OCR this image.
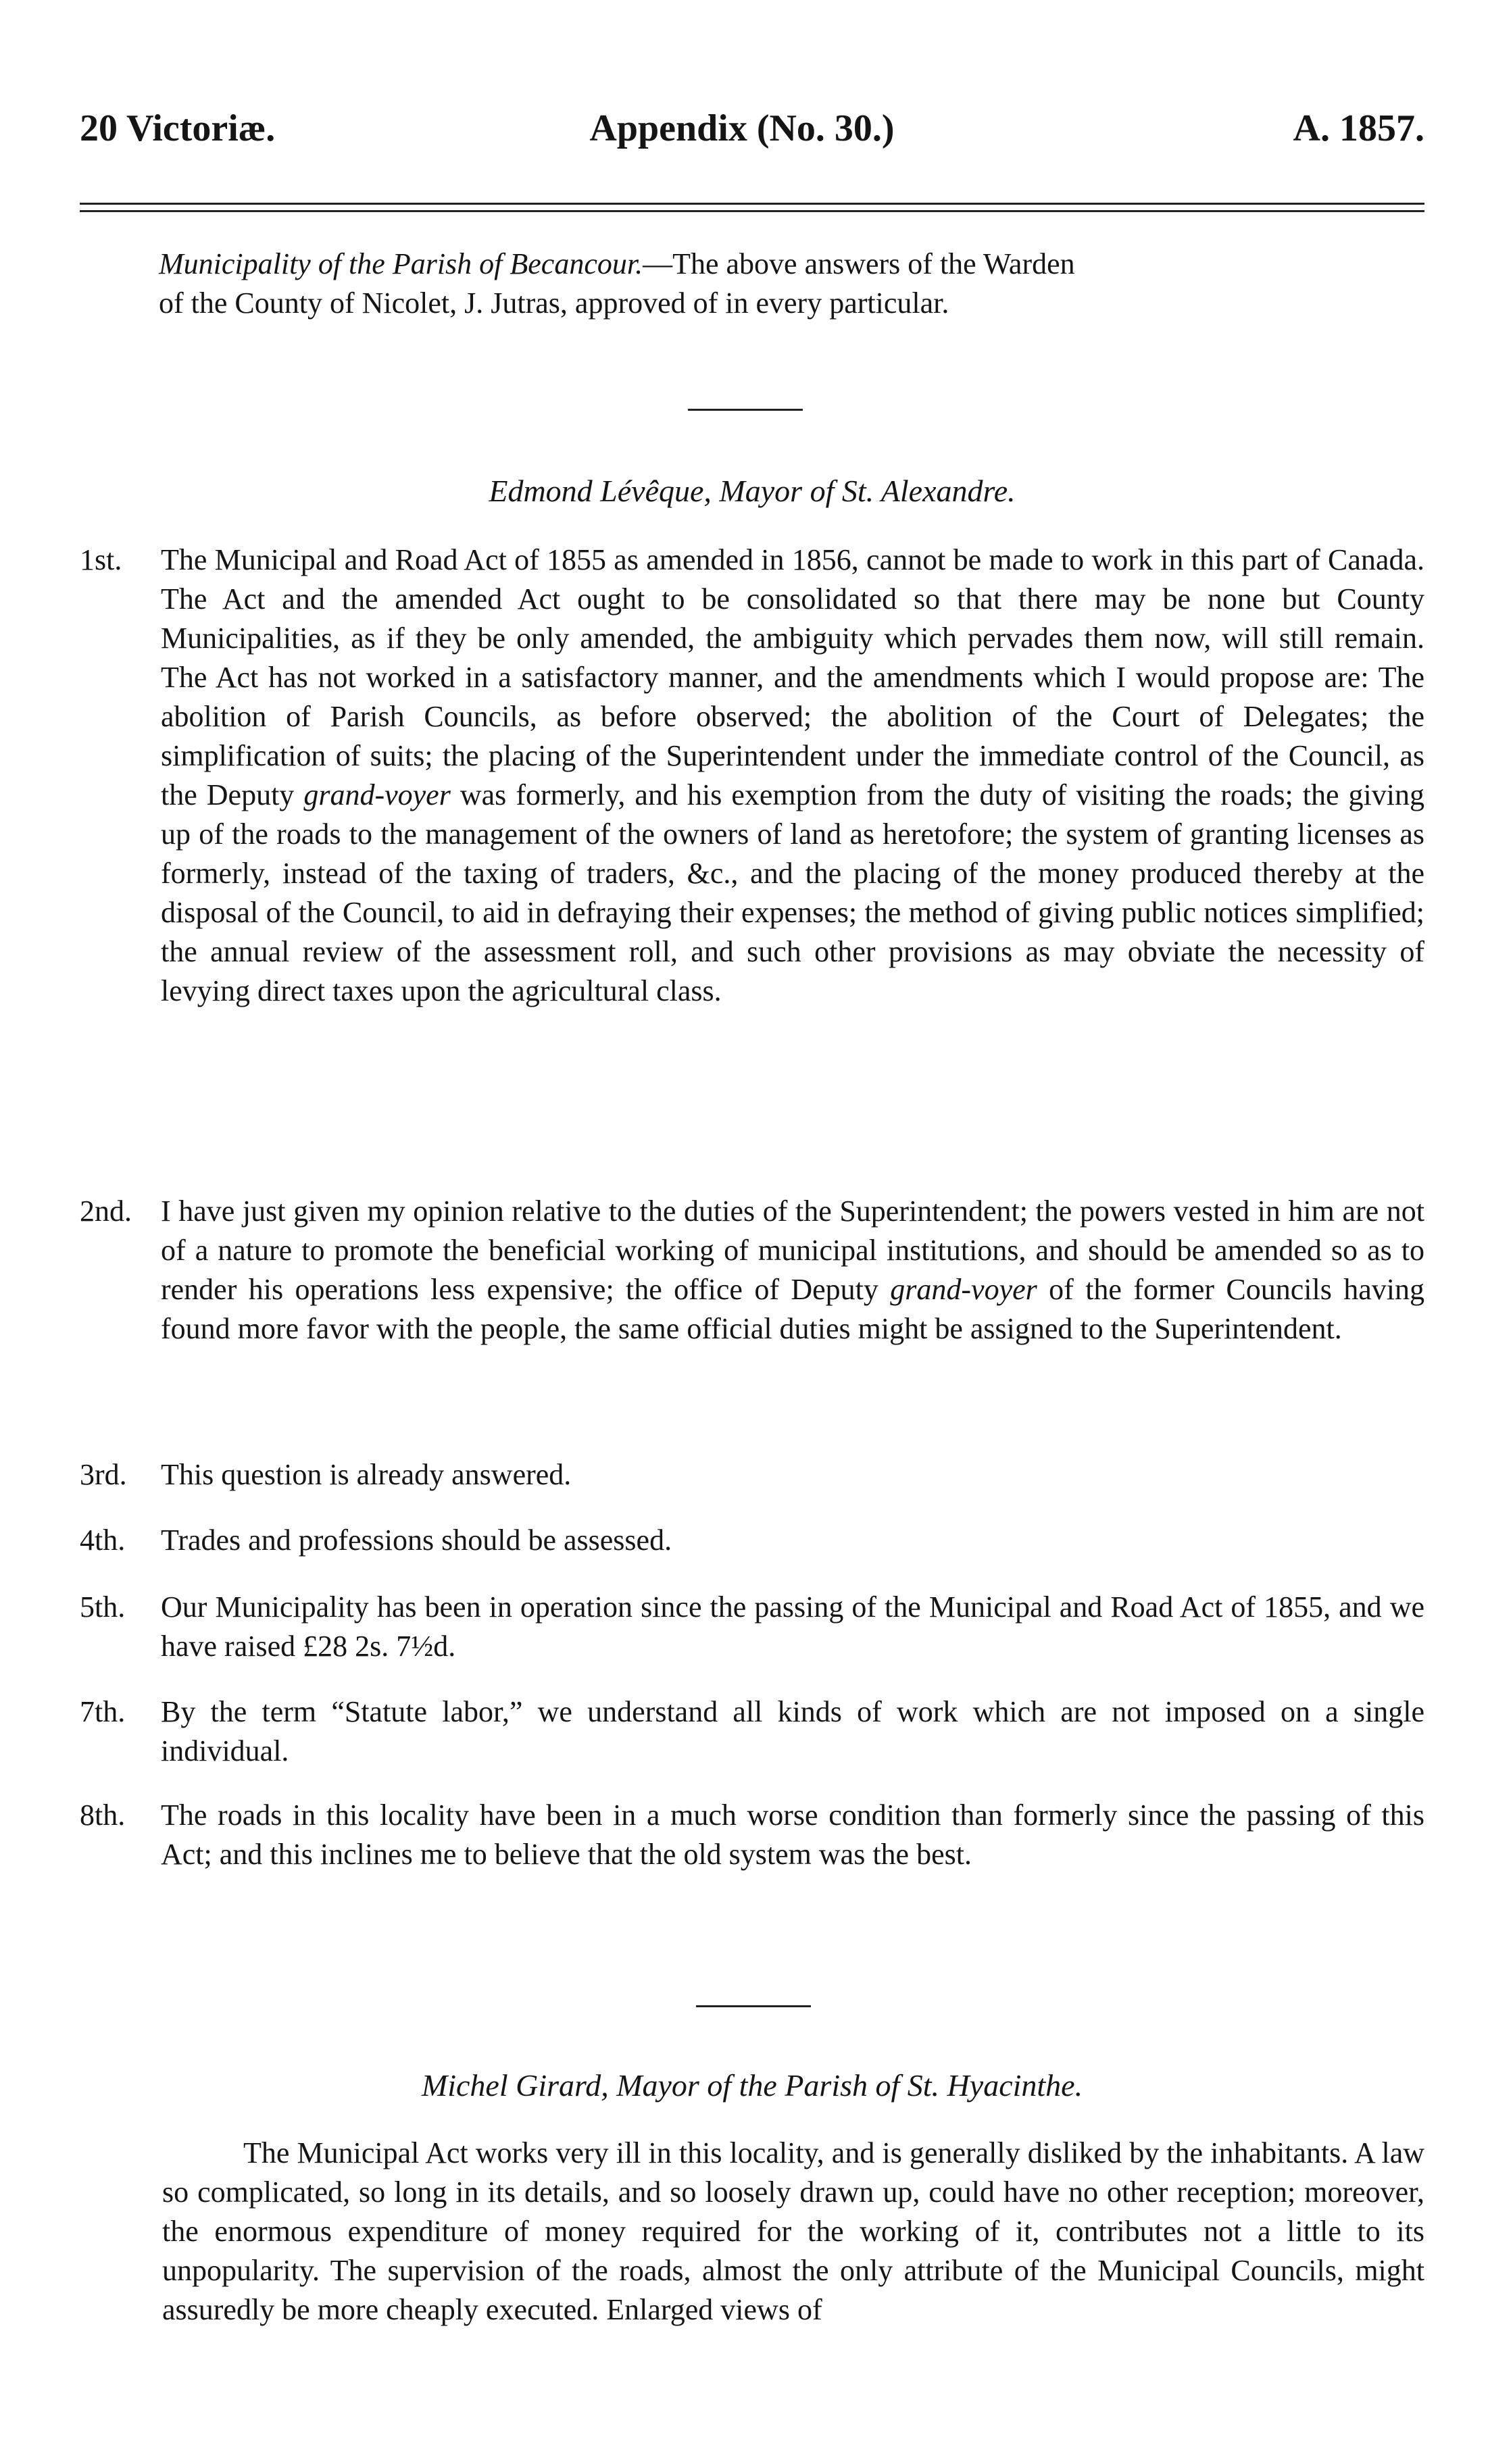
20 Victoriæ.	Appendix (No. 30.)	A. 1857.
Municipality of the Parish of Becancour.—The above answers of the Warden
of the County of Nicolet, J. Jutras, approved of in every particular.
Edmond Lévêque, Mayor of St. Alexandre.
1st. The Municipal and Road Act of 1855 as amended in 1856, cannot be made to work in this part of Canada. The Act and the amended Act ought to be consolidated so that there may be none but County Municipalities, as if they be only amended, the ambiguity which pervades them now, will still remain. The Act has not worked in a satisfactory manner, and the amendments which I would propose are: The abolition of Parish Councils, as before observed; the abolition of the Court of Delegates; the simplification of suits; the placing of the Superintendent under the immediate control of the Council, as the Deputy grand-voyer was formerly, and his exemption from the duty of visiting the roads; the giving up of the roads to the management of the owners of land as heretofore; the system of granting licenses as formerly, instead of the taxing of traders, &c., and the placing of the money produced thereby at the disposal of the Council, to aid in defraying their expenses; the method of giving public notices simplified; the annual review of the assessment roll, and such other provisions as may obviate the necessity of levying direct taxes upon the agricultural class.
2nd. I have just given my opinion relative to the duties of the Superintendent; the powers vested in him are not of a nature to promote the beneficial working of municipal institutions, and should be amended so as to render his operations less expensive; the office of Deputy grand-voyer of the former Councils having found more favor with the people, the same official duties might be assigned to the Superintendent.
3rd. This question is already answered.
4th. Trades and professions should be assessed.
5th. Our Municipality has been in operation since the passing of the Municipal and Road Act of 1855, and we have raised £28 2s. 7½d.
7th. By the term “Statute labor,” we understand all kinds of work which are not imposed on a single individual.
8th. The roads in this locality have been in a much worse condition than formerly since the passing of this Act; and this inclines me to believe that the old system was the best.
Michel Girard, Mayor of the Parish of St. Hyacinthe.
The Municipal Act works very ill in this locality, and is generally disliked by the inhabitants. A law so complicated, so long in its details, and so loosely drawn up, could have no other reception; moreover, the enormous expenditure of money required for the working of it, contributes not a little to its unpopularity. The supervision of the roads, almost the only attribute of the Municipal Councils, might assuredly be more cheaply executed. Enlarged views of
